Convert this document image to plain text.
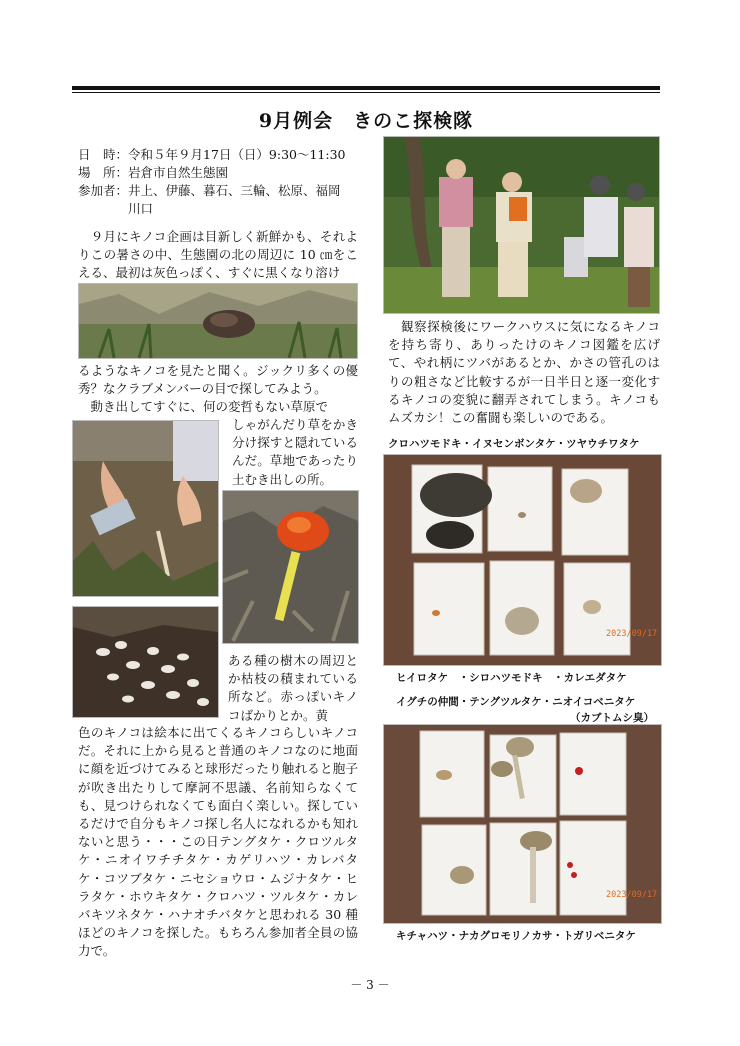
9月例会　きのこ探検隊
日　時：令和５年９月17日（日）9:30～11:30
場　所：岩倉市自然生態園
参加者：井上、伊藤、暮石、三輪、松原、福岡
　　　　川口
　９月にキノコ企画は目新しく新鮮かも、それよりこの暑さの中、生態園の北の周辺に 10 ㎝をこえる、最初は灰色っぽく、すぐに黒くなり溶け
るようなキノコを見たと聞く。ジックリ多くの優秀？なクラブメンバーの目で探してみよう。
　動き出してすぐに、何の変哲もない草原で
しゃがんだり草をかき分け探すと隠れているんだ。草地であったり土むき出しの所。
ある種の樹木の周辺とか枯枝の積まれている所など。赤っぽいキノコばかりとか。黄
色のキノコは絵本に出てくるキノコらしいキノコだ。それに上から見ると普通のキノコなのに地面に顔を近づけてみると球形だったり触れると胞子が吹き出たりして摩訶不思議、名前知らなくても、見つけられなくても面白く楽しい。探しているだけで自分もキノコ探し名人になれるかも知れないと思う・・・この日テングタケ・クロツルタケ・ニオイワチチタケ・カゲリハツ・カレバタケ・コツブタケ・ニセショウロ・ムジナタケ・ヒラタケ・ホウキタケ・クロハツ・ツルタケ・カレバキツネタケ・ハナオチバタケと思われる 30 種ほどのキノコを探した。もちろん参加者全員の協力で。
　観察探検後にワークハウスに気になるキノコを持ち寄り、ありったけのキノコ図鑑を広げて、やれ柄にツバがあるとか、かさの管孔のはりの粗さなど比較するが一日半日と逐一変化するキノコの変貌に翻弄されてしまう。キノコもムズカシ！この奮闘も楽しいのである。
クロハツモドキ・イヌセンボンタケ・ツヤウチワタケ
2023/09/17
ヒイロタケ　・シロハツモドキ　・カレエダタケ
イグチの仲間・テングツルタケ・ニオイコベニタケ
（カブトムシ臭）
2023/09/17
キチャハツ・ナカグロモリノカサ・トガリベニタケ
－ 3 －
